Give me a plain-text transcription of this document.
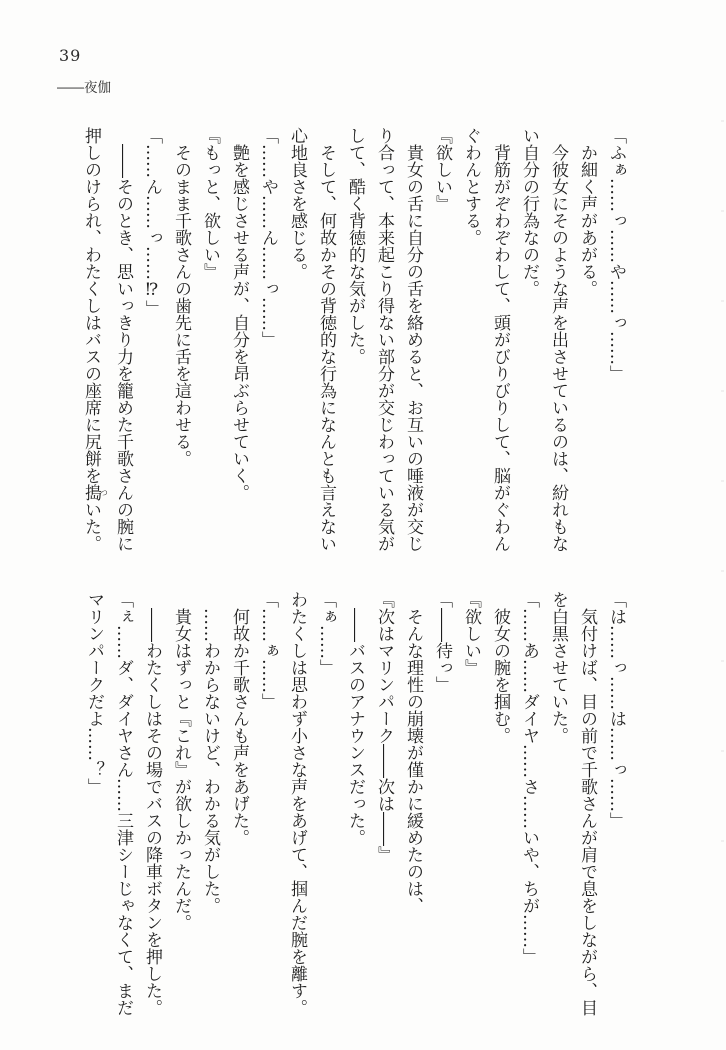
39
――夜伽

「ふぁ……っ……や……っ……」

か細く声があがる。

今彼女にそのような声を出させているのは、紛れもな

い自分の行為なのだ。

背筋がぞわぞわして、頭がびりびりして、脳がぐわん

ぐわんとする。

『欲しい』

貴女の舌に自分の舌を絡めると、お互いの唾液が交じ

り合って、本来起こり得ない部分が交じわっている気が

して、酷く背徳的な気がした。

そして、何故かその背徳的な行為になんとも言えない

心地良さを感じる。

「……や……ん……っ……」

艶を感じさせる声が、自分を昂ぶらせていく。

『もっと、欲しい』

そのまま千歌さんの歯先に舌を這わせる。

「……ん……っ……⁉」

――そのとき、思いっきり力を籠めた千歌さんの腕に

押しのけられ、わたくしはバスの座席に尻餅を搗ついた。

「は……っ……は……っ……」

気付けば、目の前で千歌さんが肩で息をしながら、目

を白黒させていた。

「……あ……ダイヤ……さ……いや、ちが……」

彼女の腕を掴む。

『欲しい』

「――待っ」

そんな理性の崩壊が僅かに緩めたのは、

『次はマリンパーク――次は――』

――バスのアナウンスだった。

「ぁ……」

わたくしは思わず小さな声をあげて、掴んだ腕を離す。

「……ぁ……」

何故か千歌さんも声をあげた。

……わからないけど、わかる気がした。

貴女はずっと『これ』が欲しかったんだ。

――わたくしはその場でバスの降車ボタンを押した。

「ぇ……ダ、ダイヤさん……三津シーじゃなくて、まだ

マリンパークだよ……？」
